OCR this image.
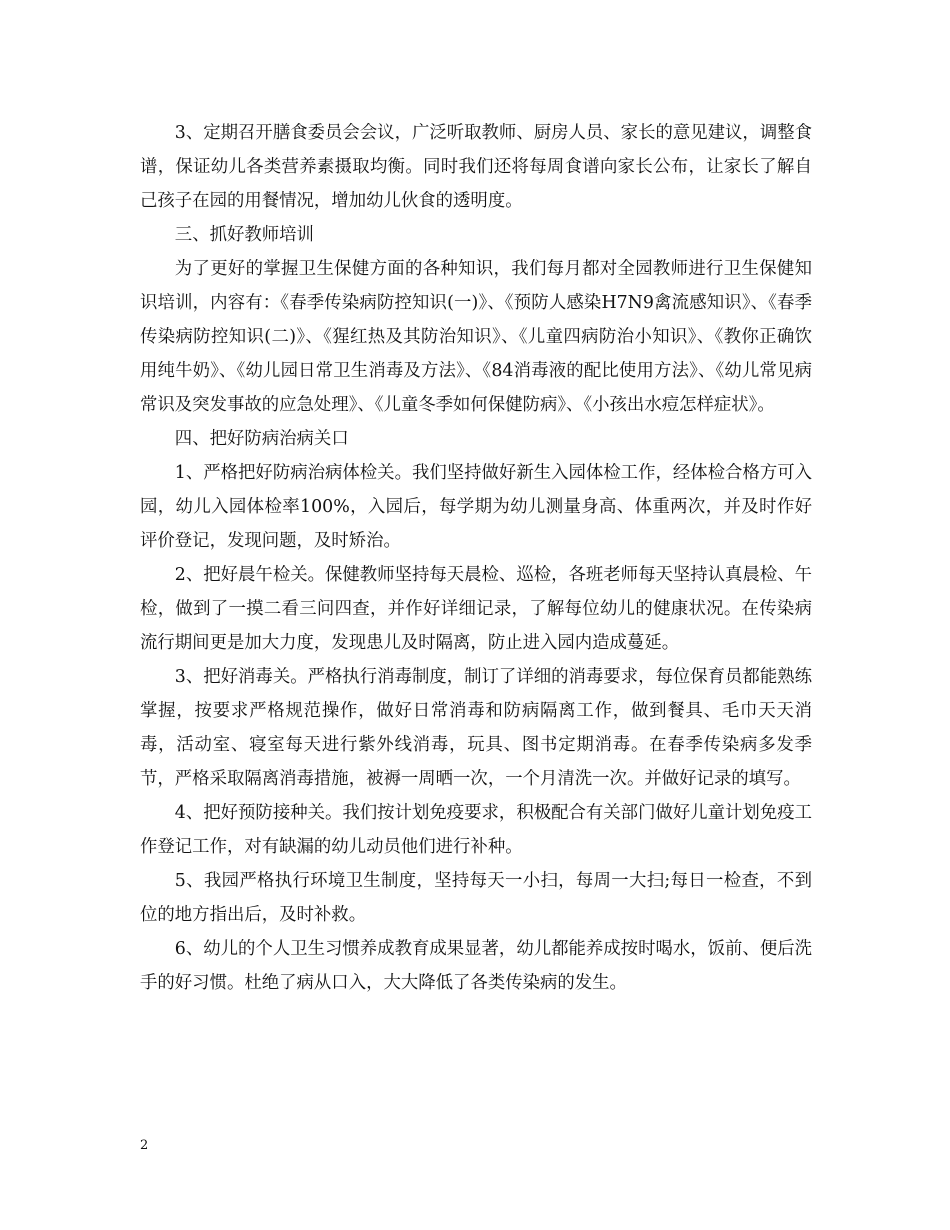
3、定期召开膳食委员会会议，广泛听取教师、厨房人员、家长的意见建议，调整食谱，保证幼儿各类营养素摄取均衡。同时我们还将每周食谱向家长公布，让家长了解自己孩子在园的用餐情况，增加幼儿伙食的透明度。

三、抓好教师培训

为了更好的掌握卫生保健方面的各种知识，我们每月都对全园教师进行卫生保健知识培训，内容有：《春季传染病防控知识(一)》、《预防人感染H7N9禽流感知识》、《春季传染病防控知识(二)》、《猩红热及其防治知识》、《儿童四病防治小知识》、《教你正确饮用纯牛奶》、《幼儿园日常卫生消毒及方法》、《84消毒液的配比使用方法》、《幼儿常见病常识及突发事故的应急处理》、《儿童冬季如何保健防病》、《小孩出水痘怎样症状》。

四、把好防病治病关口

1、严格把好防病治病体检关。我们坚持做好新生入园体检工作，经体检合格方可入园，幼儿入园体检率100%，入园后，每学期为幼儿测量身高、体重两次，并及时作好评价登记，发现问题，及时矫治。

2、把好晨午检关。保健教师坚持每天晨检、巡检，各班老师每天坚持认真晨检、午检，做到了一摸二看三问四查，并作好详细记录，了解每位幼儿的健康状况。在传染病流行期间更是加大力度，发现患儿及时隔离，防止进入园内造成蔓延。

3、把好消毒关。严格执行消毒制度，制订了详细的消毒要求，每位保育员都能熟练掌握，按要求严格规范操作，做好日常消毒和防病隔离工作，做到餐具、毛巾天天消毒，活动室、寝室每天进行紫外线消毒，玩具、图书定期消毒。在春季传染病多发季节，严格采取隔离消毒措施，被褥一周晒一次，一个月清洗一次。并做好记录的填写。

4、把好预防接种关。我们按计划免疫要求，积极配合有关部门做好儿童计划免疫工作登记工作，对有缺漏的幼儿动员他们进行补种。

5、我园严格执行环境卫生制度，坚持每天一小扫，每周一大扫;每日一检查，不到位的地方指出后，及时补救。

6、幼儿的个人卫生习惯养成教育成果显著，幼儿都能养成按时喝水，饭前、便后洗手的好习惯。杜绝了病从口入，大大降低了各类传染病的发生。

2
